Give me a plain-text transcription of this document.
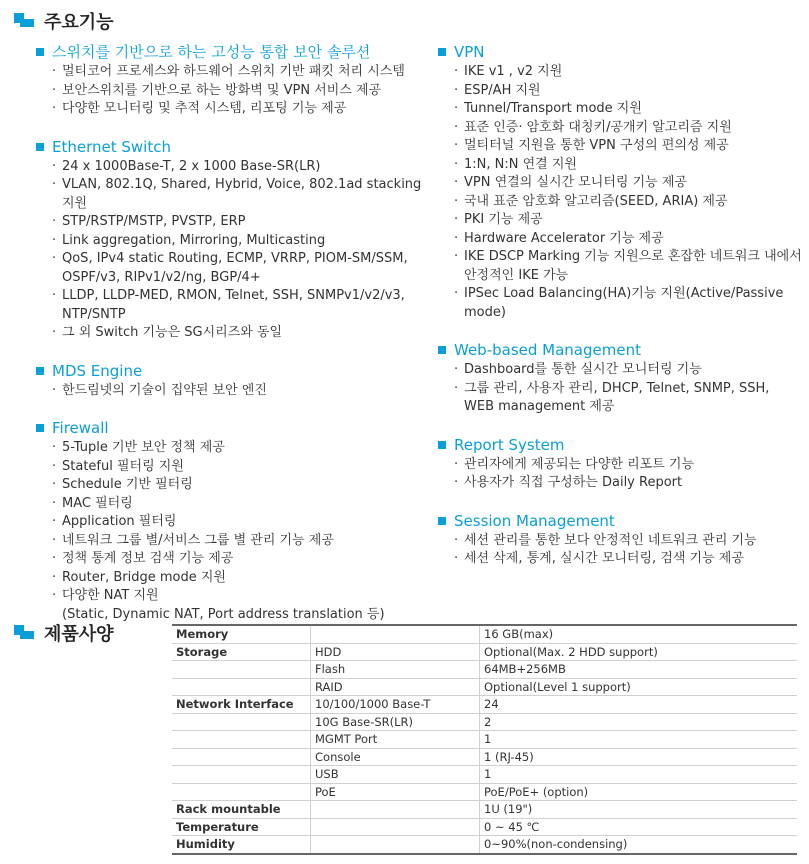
주요기능
스위치를 기반으로 하는 고성능 통합 보안 솔루션
· 멀티코어 프로세스와 하드웨어 스위치 기반 패킷 처리 시스템
· 보안스위치를 기반으로 하는 방화벽 및 VPN 서비스 제공
· 다양한 모니터링 및 추적 시스템, 리포팅 기능 제공
Ethernet Switch
· 24 x 1000Base-T, 2 x 1000 Base-SR(LR)
· VLAN, 802.1Q, Shared, Hybrid, Voice, 802.1ad stacking 지원
· STP/RSTP/MSTP, PVSTP, ERP
· Link aggregation, Mirroring, Multicasting
· QoS, IPv4 static Routing, ECMP, VRRP, PIOM-SM/SSM,
OSPF/v3, RIPv1/v2/ng, BGP/4+
· LLDP, LLDP-MED, RMON, Telnet, SSH, SNMPv1/v2/v3,
NTP/SNTP
· 그 외 Switch 기능은 SG시리즈와 동일
MDS Engine
· 한드림넷의 기술이 집약된 보안 엔진
Firewall
· 5-Tuple 기반 보안 정책 제공
· Stateful 필터링 지원
· Schedule 기반 필터링
· MAC 필터링
· Application 필터링
· 네트워크 그룹 별/서비스 그룹 별 관리 기능 제공
· 정책 통계 정보 검색 기능 제공
· Router, Bridge mode 지원
· 다양한 NAT 지원
(Static, Dynamic NAT, Port address translation 등)
VPN
· IKE v1 , v2 지원
· ESP/AH 지원
· Tunnel/Transport mode 지원
· 표준 인증· 암호화 대칭키/공개키 알고리즘 지원
· 멀티터널 지원을 통한 VPN 구성의 편의성 제공
· 1:N, N:N 연결 지원
· VPN 연결의 실시간 모니터링 기능 제공
· 국내 표준 암호화 알고리즘(SEED, ARIA) 제공
· PKI 기능 제공
· Hardware Accelerator 기능 제공
· IKE DSCP Marking 기능 지원으로 혼잡한 네트워크 내에서
안정적인 IKE 가능
· IPSec Load Balancing(HA)기능 지원(Active/Passive mode)
Web-based Management
· Dashboard를 통한 실시간 모니터링 기능
· 그룹 관리, 사용자 관리, DHCP, Telnet, SNMP, SSH,
WEB management 제공
Report System
· 관리자에게 제공되는 다양한 리포트 기능
· 사용자가 직접 구성하는 Daily Report
Session Management
· 세션 관리를 통한 보다 안정적인 네트워크 관리 기능
· 세션 삭제, 통계, 실시간 모니터링, 검색 기능 제공
제품사양	Memory		16 GB(max)
Storage	HDD	Optional(Max. 2 HDD support)
	Flash	64MB+256MB
	RAID	Optional(Level 1 support)
Network Interface	10/100/1000 Base-T	24
	10G Base-SR(LR)	2
	MGMT Port	1
	Console	1 (RJ-45)
	USB	1
	PoE	PoE/PoE+ (option)
Rack mountable		1U (19")
Temperature		0 ~ 45 ℃
Humidity		0~90%(non-condensing)
